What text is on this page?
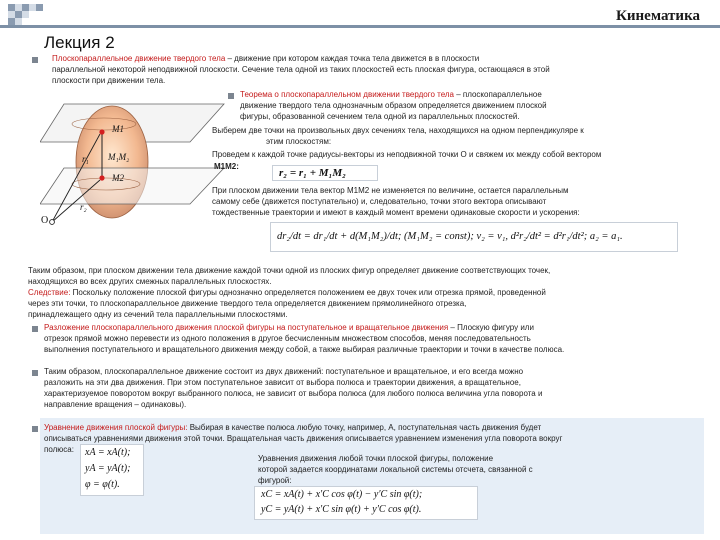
Кинематика
Лекция 2
Плоскопараллельное движение твердого тела – движение при котором каждая точка тела движется в в плоскости
параллельной некоторой неподвижной плоскости. Сечение тела одной из таких плоскостей есть плоская фигура, остающаяся в этой
плоскости при движении тела.
M1
M2
M₁M₂
r₁
r₂
O
Теорема о плоскопараллельном движении твердого тела – плоскопараллельное
движение твердого тела однозначным образом определяется движением плоской
фигуры, образованной сечением тела одной из параллельных плоскостей.
Выберем две точки на произвольных двух сечениях тела, находящихся на одном перпендикуляре к
этим плоскостям:
Проведем к каждой точке радиусы-векторы из неподвижной точки O и свяжем их между собой вектором
M1M2:
r₂ = r₁ + M₁M₂
При плоском движении тела вектор M1M2 не изменяется по величине, остается параллельным
самому себе (движется поступательно) и, следовательно, точки этого вектора описывают
тождественные траектории и имеют в каждый момент времени одинаковые скорости и ускорения:
dr₂/dt = dr₁/dt + d(M₁M₂)/dt; (M₁M₂ = const); v₂ = v₁, d²r₂/dt² = d²r₁/dt²; a₂ = a₁.
Таким образом, при плоском движении тела движение каждой точки одной из плоских фигур определяет движение соответствующих точек,
находящихся во всех других смежных параллельных плоскостях.
Следствие: Поскольку положение плоской фигуры однозначно определяется положением ее двух точек или отрезка прямой, проведенной
через эти точки, то плоскопараллельное движение твердого тела определяется движением прямолинейного отрезка,
принадлежащего одну из сечений тела параллельными плоскостями.
Разложение плоскопараллельного движения плоской фигуры на поступательное и вращательное движения – Плоскую фигуру или
отрезок прямой можно перевести из одного положения в другое бесчисленным множеством способов, меняя последовательность
выполнения поступательного и вращательного движения между собой, а также выбирая различные траектории и точки в качестве полюса.
Таким образом, плоскопараллельное движение состоит из двух движений: поступательное и вращательное, и его всегда можно
разложить на эти два движения. При этом поступательное зависит от выбора полюса и траектории движения, а вращательное,
характеризуемое поворотом вокруг выбранного полюса, не зависит от выбора полюса (для любого полюса величина угла поворота и
направление вращения – одинаковы).
Уравнение движения плоской фигуры: Выбирая в качестве полюса любую точку, например, A, поступательная часть движения будет
описываться уравнениями движения этой точки. Вращательная часть движения описывается уравнением изменения угла поворота вокруг
полюса: xA = xA(t);
yA = yA(t);
φ = φ(t).
Уравнения движения любой точки плоской фигуры, положение
которой задается координатами локальной системы отсчета, связанной с
фигурой:
xC = xA(t) + x′C cos φ(t) − y′C sin φ(t);
yC = yA(t) + x′C sin φ(t) + y′C cos φ(t).
